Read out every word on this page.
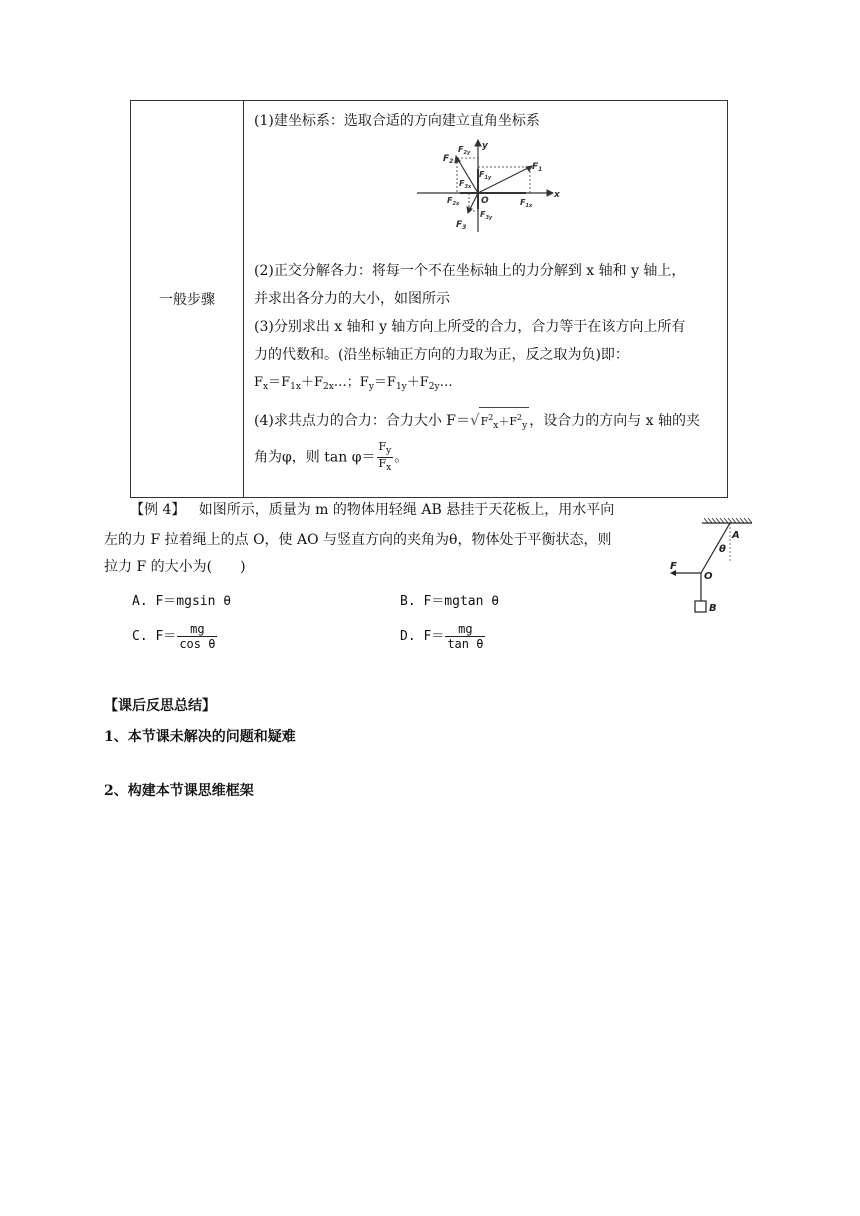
一般步骤	
(1)建坐标系：选取合适的方向建立直角坐标系
$F_2$
$F_{2y}$
$F_{1y}$
$F_1$
$F_{3x}$
$F_{2x}$ O	$F_{1x}$
x
y
$F_{3y}$
$F_3$
(2)正交分解各力：将每一个不在坐标轴上的力分解到 x 轴和 y 轴上，
并求出各分力的大小，如图所示
(3)分别求出 x 轴和 y 轴方向上所受的合力，合力等于在该方向上所有
力的代数和。(沿坐标轴正方向的力取为正，反之取为负)即：
$F_x=F_{1x}+F_{2x}\dots$；$F_y=F_{1y}+F_{2y}\dots$
(4)求共点力的合力：合力大小 $F=√F^2_x+F^2_y$ ，设合力的方向与 x 轴的夹
角为φ，则 $\tan \varphi= \frac{F_y}{F_x}$ 。
【例 4】 如图所示，质量为 m 的物体用轻绳 AB 悬挂于天花板上，用水平向
左的力 F 拉着绳上的点 O，使 AO 与竖直方向的夹角为θ，物体处于平衡状态，则
拉力 F 的大小为(　　)
A. F＝mgsin θ	B. F＝mgtan θ
C. $F= \frac{mg}{\text{cos θ}}$	D. $F= \frac{mg}{\text{tan θ}}$
A
θ
F
O
B
【课后反思总结】
1、本节课未解决的问题和疑难
2、构建本节课思维框架
